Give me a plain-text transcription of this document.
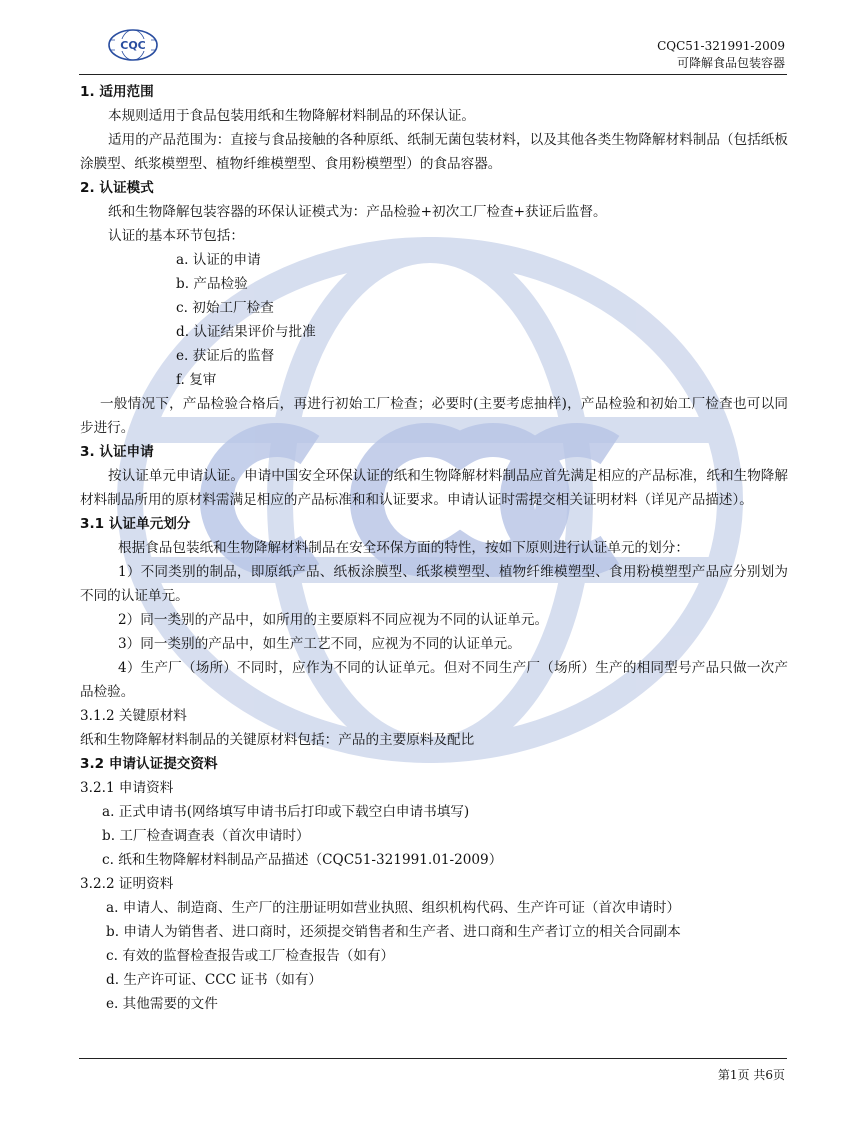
CQC	CQC51-321991-2009
可降解食品包装容器

1. 适用范围

本规则适用于食品包装用纸和生物降解材料制品的环保认证。

适用的产品范围为：直接与食品接触的各种原纸、纸制无菌包装材料，以及其他各类生物降解材料制品（包括纸板涂膜型、纸浆模塑型、植物纤维模塑型、食用粉模塑型）的食品容器。

2. 认证模式

纸和生物降解包装容器的环保认证模式为：产品检验+初次工厂检查+获证后监督。

认证的基本环节包括：

a. 认证的申请

b. 产品检验

c. 初始工厂检查

d. 认证结果评价与批准

e. 获证后的监督

f. 复审

一般情况下，产品检验合格后，再进行初始工厂检查；必要时(主要考虑抽样)，产品检验和初始工厂检查也可以同步进行。

3. 认证申请

按认证单元申请认证。申请中国安全环保认证的纸和生物降解材料制品应首先满足相应的产品标准，纸和生物降解材料制品所用的原材料需满足相应的产品标准和和认证要求。申请认证时需提交相关证明材料（详见产品描述）。

3.1 认证单元划分

根据食品包装纸和生物降解材料制品在安全环保方面的特性，按如下原则进行认证单元的划分：

1）不同类别的制品，即原纸产品、纸板涂膜型、纸浆模塑型、植物纤维模塑型、食用粉模塑型产品应分别划为不同的认证单元。

2）同一类别的产品中，如所用的主要原料不同应视为不同的认证单元。

3）同一类别的产品中，如生产工艺不同，应视为不同的认证单元。

4）生产厂（场所）不同时，应作为不同的认证单元。但对不同生产厂（场所）生产的相同型号产品只做一次产品检验。

3.1.2 关键原材料

纸和生物降解材料制品的关键原材料包括：产品的主要原料及配比

3.2 申请认证提交资料

3.2.1 申请资料

a. 正式申请书(网络填写申请书后打印或下载空白申请书填写)

b. 工厂检查调查表（首次申请时）

c. 纸和生物降解材料制品产品描述（CQC51-321991.01-2009）

3.2.2 证明资料

a. 申请人、制造商、生产厂的注册证明如营业执照、组织机构代码、生产许可证（首次申请时）

b. 申请人为销售者、进口商时，还须提交销售者和生产者、进口商和生产者订立的相关合同副本

c. 有效的监督检查报告或工厂检查报告（如有）

d. 生产许可证、CCC 证书（如有）

e. 其他需要的文件

第1页 共6页
